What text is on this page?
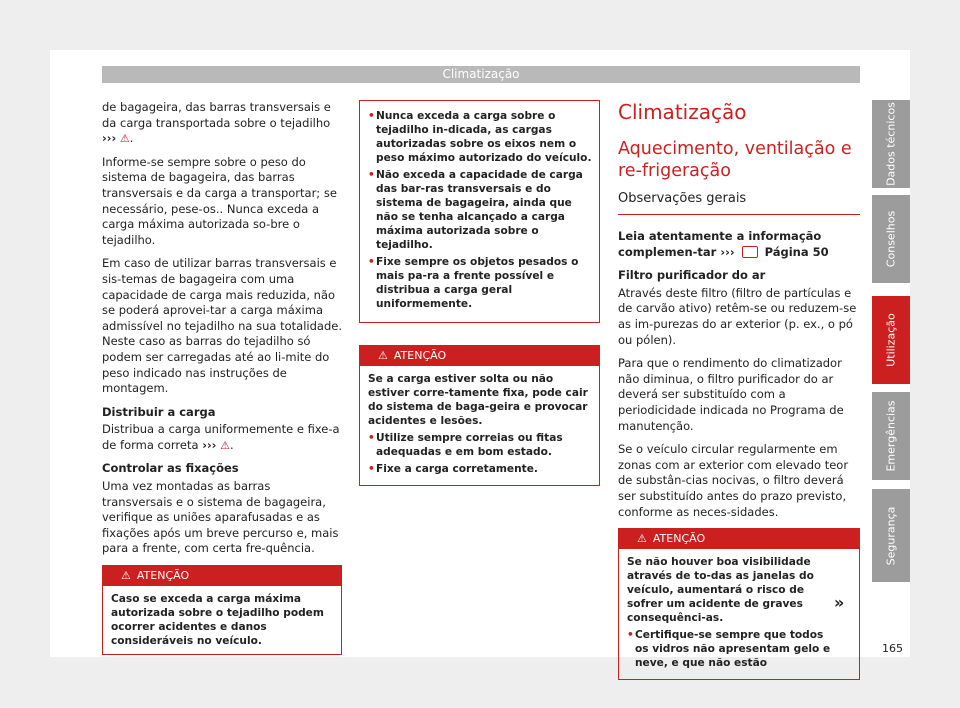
Climatização

de bagageira, das barras transversais e da carga transportada sobre o tejadilho ››› ⚠.

Informe-se sempre sobre o peso do sistema de bagageira, das barras transversais e da carga a transportar; se necessário, pese-os.. Nunca exceda a carga máxima autorizada so-bre o tejadilho.

Em caso de utilizar barras transversais e sis-temas de bagageira com uma capacidade de carga mais reduzida, não se poderá aprovei-tar a carga máxima admissível no tejadilho na sua totalidade. Neste caso as barras do tejadilho só podem ser carregadas até ao li-mite do peso indicado nas instruções de montagem.

Distribuir a carga

Distribua a carga uniformemente e fixe-a de forma correta ››› ⚠.

Controlar as fixações

Uma vez montadas as barras transversais e o sistema de bagageira, verifique as uniões aparafusadas e as fixações após um breve percurso e, mais para a frente, com certa fre-quência.

⚠ ATENÇÃO
Caso se exceda a carga máxima autorizada sobre o tejadilho podem ocorrer acidentes e danos consideráveis no veículo.
• Nunca exceda a carga sobre o tejadilho in-dicada, as cargas autorizadas sobre os eixos nem o peso máximo autorizado do veículo.
• Não exceda a capacidade de carga das bar-ras transversais e do sistema de bagageira, ainda que não se tenha alcançado a carga máxima autorizada sobre o tejadilho.
• Fixe sempre os objetos pesados o mais pa-ra a frente possível e distribua a carga geral uniformemente.
⚠ ATENÇÃO
Se a carga estiver solta ou não estiver corre-tamente fixa, pode cair do sistema de baga-geira e provocar acidentes e lesões.
• Utilize sempre correias ou fitas adequadas e em bom estado.
• Fixe a carga corretamente.
Climatização
Aquecimento, ventilação e re-frigeração
Observações gerais

Leia atentamente a informação complemen-tar ›››	Página 50

Filtro purificador do ar

Através deste filtro (filtro de partículas e de carvão ativo) retêm-se ou reduzem-se as im-purezas do ar exterior (p. ex., o pó ou pólen).

Para que o rendimento do climatizador não diminua, o filtro purificador do ar deverá ser substituído com a periodicidade indicada no Programa de manutenção.

Se o veículo circular regularmente em zonas com ar exterior com elevado teor de substân-cias nocivas, o filtro deverá ser substituído antes do prazo previsto, conforme as neces-sidades.

⚠ ATENÇÃO
Se não houver boa visibilidade através de to-das as janelas do veículo, aumentará o risco de sofrer um acidente de graves consequênci-as.
• Certifique-se sempre que todos os vidros não apresentam gelo e neve, e que não estão
»
Dados técnicos
Conselhos
Utilização
Emergências
Segurança
165
